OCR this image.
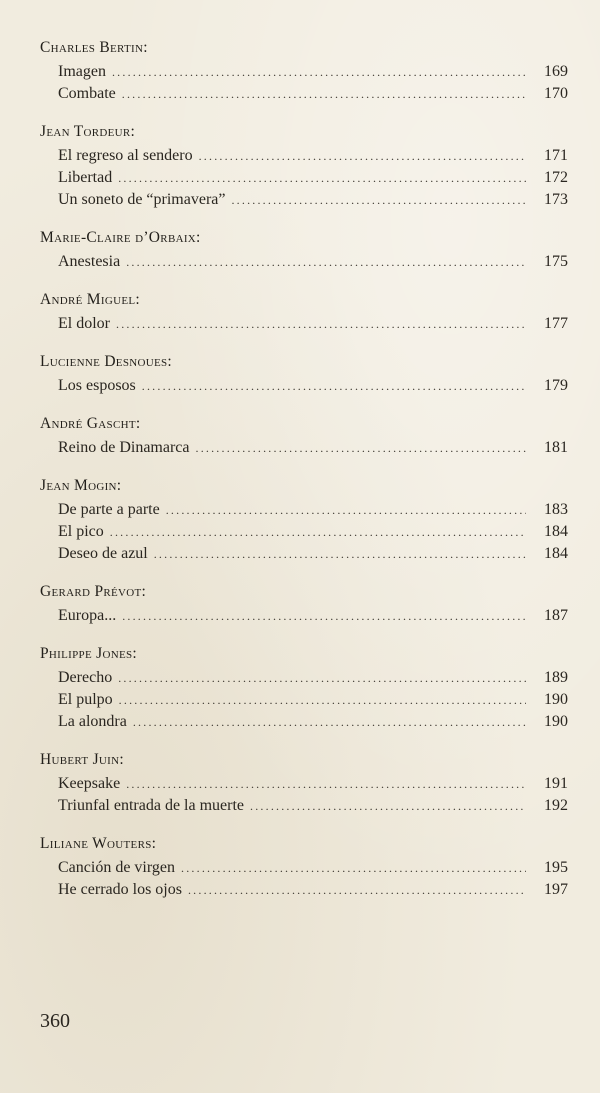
Charles Bertin:
Imagen .....	169
Combate .....	170
Jean Tordeur:
El regreso al sendero .....	171
Libertad .....	172
Un soneto de “primavera” .....	173
Marie-Claire d’Orbaix:
Anestesia .....	175
André Miguel:
El dolor .....	177
Lucienne Desnoues:
Los esposos .....	179
André Gascht:
Reino de Dinamarca .....	181
Jean Mogin:
De parte a parte .....	183
El pico .....	184
Deseo de azul .....	184
Gerard Prévot:
Europa... .....	187
Philippe Jones:
Derecho .....	189
El pulpo .....	190
La alondra .....	190
Hubert Juin:
Keepsake .....	191
Triunfal entrada de la muerte .....	192
Liliane Wouters:
Canción de virgen .....	195
He cerrado los ojos .....	197
360
